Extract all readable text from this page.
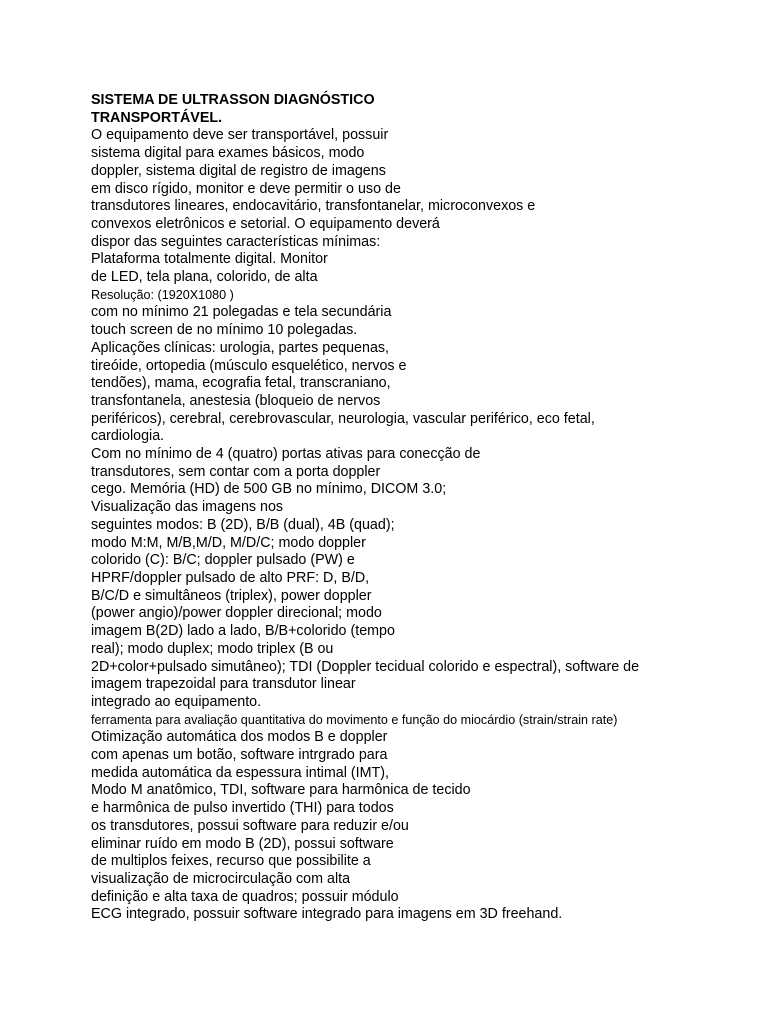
SISTEMA DE ULTRASSON DIAGNÓSTICO
TRANSPORTÁVEL.
O equipamento deve ser transportável, possuir
sistema digital para exames básicos, modo
doppler, sistema digital de registro de imagens
em disco rígido, monitor e deve permitir o uso de
transdutores lineares, endocavitário, transfontanelar, microconvexos e
convexos eletrônicos e setorial. O equipamento deverá
dispor das seguintes características mínimas:
Plataforma totalmente digital. Monitor
de LED, tela plana, colorido, de alta
Resolução: (1920X1080 )
com no mínimo 21 polegadas e tela secundária
touch screen de no mínimo 10 polegadas.
Aplicações clínicas: urologia, partes pequenas,
tireóide, ortopedia (músculo esquelético, nervos e
tendões), mama, ecografia fetal, transcraniano,
transfontanela, anestesia (bloqueio de nervos
periféricos), cerebral, cerebrovascular, neurologia, vascular periférico, eco fetal,
cardiologia.
Com no mínimo de 4 (quatro) portas ativas para conecção de
transdutores, sem contar com a porta doppler
cego. Memória (HD) de 500 GB no mínimo, DICOM 3.0;
Visualização das imagens nos
seguintes modos: B (2D), B/B (dual), 4B (quad);
modo M:M, M/B,M/D, M/D/C; modo doppler
colorido (C): B/C; doppler pulsado (PW) e
HPRF/doppler pulsado de alto PRF: D, B/D,
B/C/D e simultâneos (triplex), power doppler
(power angio)/power doppler direcional; modo
imagem B(2D) lado a lado, B/B+colorido (tempo
real); modo duplex; modo triplex (B ou
2D+color+pulsado simutâneo); TDI (Doppler tecidual colorido e espectral), software de
imagem trapezoidal para transdutor linear
integrado ao equipamento.
ferramenta para avaliação quantitativa do movimento e função do miocárdio (strain/strain rate)
Otimização automática dos modos B e doppler
com apenas um botão, software intrgrado para
medida automática da espessura intimal (IMT),
Modo M anatômico, TDI, software para harmônica de tecido
e harmônica de pulso invertido (THI) para todos
os transdutores, possui software para reduzir e/ou
eliminar ruído em modo B (2D), possui software
de multiplos feixes, recurso que possibilite a
visualização de microcirculação com alta
definição e alta taxa de quadros; possuir módulo
ECG integrado, possuir software integrado para imagens em 3D freehand.
